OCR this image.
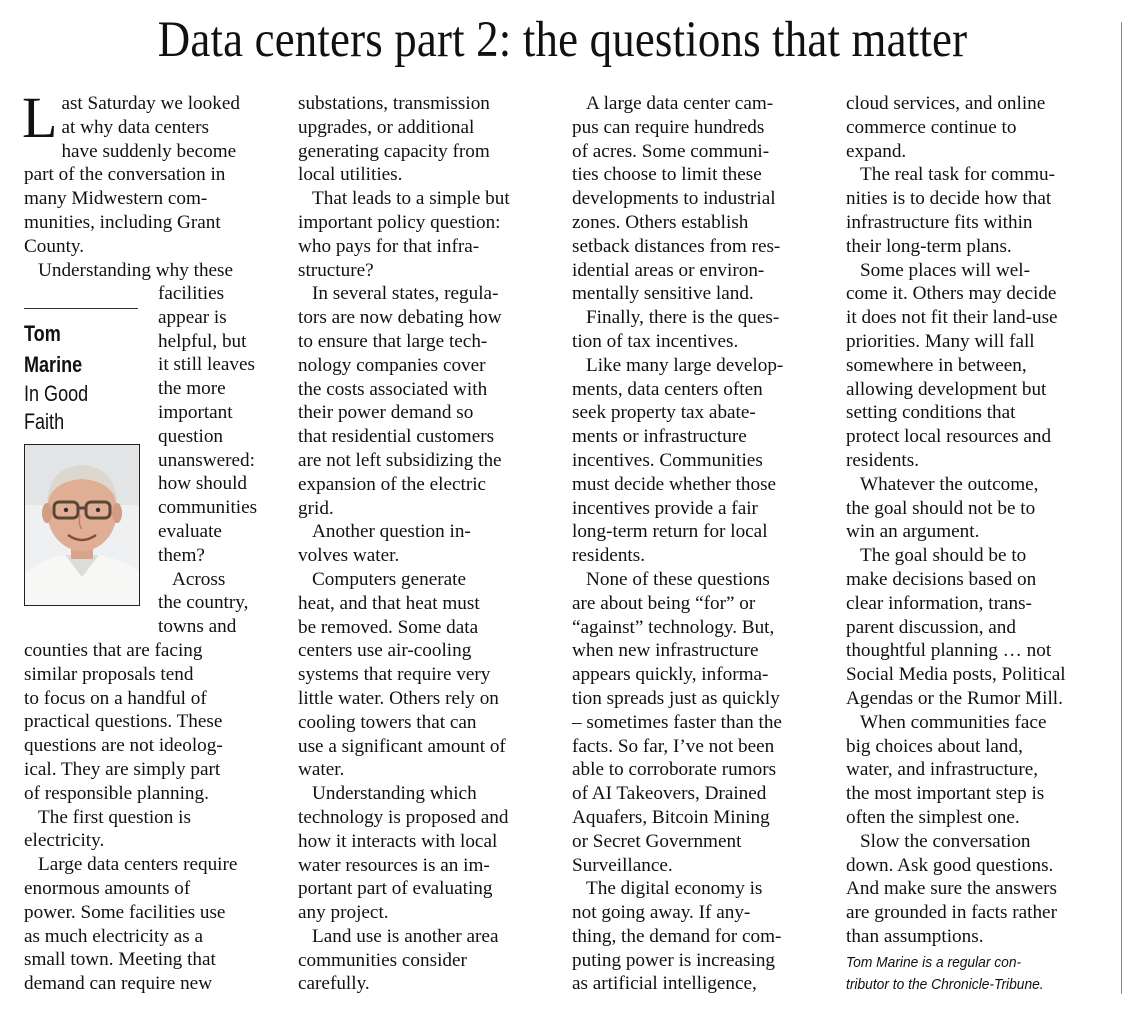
Data centers part 2: the questions that matter
L ast Saturday we looked
at why data centers
have suddenly become
part of the conversation in
many Midwestern com-
munities, including Grant
County.
Understanding why these
Tom
Marine
In Good
Faith
facilities
appear is
helpful, but
it still leaves
the more
important
question
unanswered:
how should
communities
evaluate
them?
Across
the country,
towns and
counties that are facing
similar proposals tend
to focus on a handful of
practical questions. These
questions are not ideolog-
ical. They are simply part
of responsible planning.
The first question is
electricity.
Large data centers require
enormous amounts of
power. Some facilities use
as much electricity as a
small town. Meeting that
demand can require new
substations, transmission
upgrades, or additional
generating capacity from
local utilities.
That leads to a simple but
important policy question:
who pays for that infra-
structure?
In several states, regula-
tors are now debating how
to ensure that large tech-
nology companies cover
the costs associated with
their power demand so
that residential customers
are not left subsidizing the
expansion of the electric
grid.
Another question in-
volves water.
Computers generate
heat, and that heat must
be removed. Some data
centers use air-cooling
systems that require very
little water. Others rely on
cooling towers that can
use a significant amount of
water.
Understanding which
technology is proposed and
how it interacts with local
water resources is an im-
portant part of evaluating
any project.
Land use is another area
communities consider
carefully.
A large data center cam-
pus can require hundreds
of acres. Some communi-
ties choose to limit these
developments to industrial
zones. Others establish
setback distances from res-
idential areas or environ-
mentally sensitive land.
Finally, there is the ques-
tion of tax incentives.
Like many large develop-
ments, data centers often
seek property tax abate-
ments or infrastructure
incentives. Communities
must decide whether those
incentives provide a fair
long-term return for local
residents.
None of these questions
are about being “for” or
“against” technology. But,
when new infrastructure
appears quickly, informa-
tion spreads just as quickly
– sometimes faster than the
facts. So far, I’ve not been
able to corroborate rumors
of AI Takeovers, Drained
Aquafers, Bitcoin Mining
or Secret Government
Surveillance.
The digital economy is
not going away. If any-
thing, the demand for com-
puting power is increasing
as artificial intelligence,
cloud services, and online
commerce continue to
expand.
The real task for commu-
nities is to decide how that
infrastructure fits within
their long-term plans.
Some places will wel-
come it. Others may decide
it does not fit their land-use
priorities. Many will fall
somewhere in between,
allowing development but
setting conditions that
protect local resources and
residents.
Whatever the outcome,
the goal should not be to
win an argument.
The goal should be to
make decisions based on
clear information, trans-
parent discussion, and
thoughtful planning … not
Social Media posts, Political
Agendas or the Rumor Mill.
When communities face
big choices about land,
water, and infrastructure,
the most important step is
often the simplest one.
Slow the conversation
down. Ask good questions.
And make sure the answers
are grounded in facts rather
than assumptions.
Tom Marine is a regular con-
tributor to the Chronicle-Tribune.
